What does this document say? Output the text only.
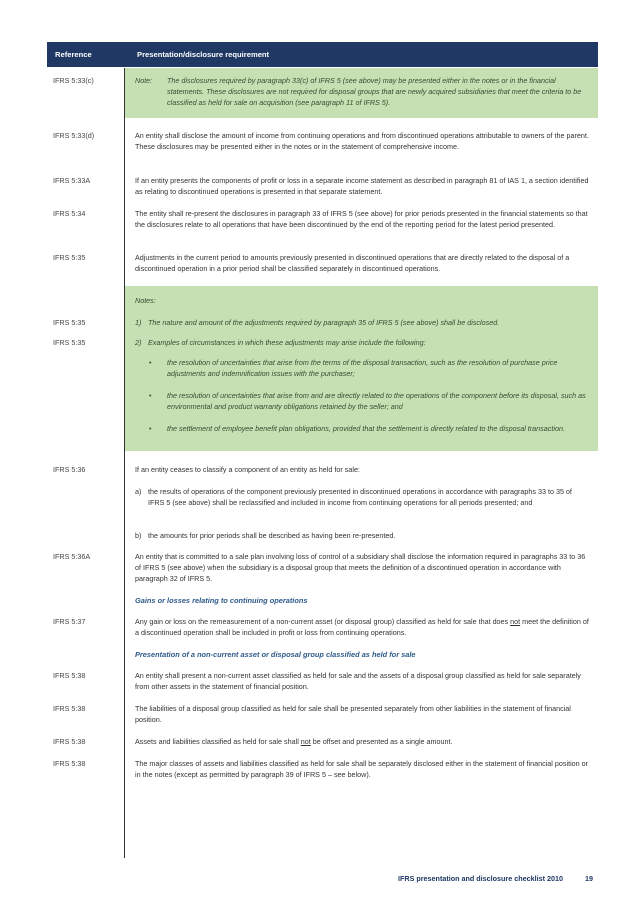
Reference	Presentation/disclosure requirement
IFRS 5:33(c)	Note: The disclosures required by paragraph 33(c) of IFRS 5 (see above) may be presented either in the notes or in the financial statements. These disclosures are not required for disposal groups that are newly acquired subsidiaries that meet the criteria to be classified as held for sale on acquisition (see paragraph 11 of IFRS 5).
IFRS 5:33(d)	An entity shall disclose the amount of income from continuing operations and from discontinued operations attributable to owners of the parent. These disclosures may be presented either in the notes or in the statement of comprehensive income.
IFRS 5:33A	If an entity presents the components of profit or loss in a separate income statement as described in paragraph 81 of IAS 1, a section identified as relating to discontinued operations is presented in that separate statement.
IFRS 5:34	The entity shall re-present the disclosures in paragraph 33 of IFRS 5 (see above) for prior periods presented in the financial statements so that the disclosures relate to all operations that have been discontinued by the end of the reporting period for the latest period presented.
IFRS 5:35	Adjustments in the current period to amounts previously presented in discontinued operations that are directly related to the disposal of a discontinued operation in a prior period shall be classified separately in discontinued operations.
Notes:
IFRS 5:35	1) The nature and amount of the adjustments required by paragraph 35 of IFRS 5 (see above) shall be disclosed.
IFRS 5:35	2) Examples of circumstances in which these adjustments may arise include the following:
• the resolution of uncertainties that arise from the terms of the disposal transaction, such as the resolution of purchase price adjustments and indemnification issues with the purchaser;
• the resolution of uncertainties that arise from and are directly related to the operations of the component before its disposal, such as environmental and product warranty obligations retained by the seller; and
• the settlement of employee benefit plan obligations, provided that the settlement is directly related to the disposal transaction.
IFRS 5:36	If an entity ceases to classify a component of an entity as held for sale:
a) the results of operations of the component previously presented in discontinued operations in accordance with paragraphs 33 to 35 of IFRS 5 (see above) shall be reclassified and included in income from continuing operations for all periods presented; and
b) the amounts for prior periods shall be described as having been re-presented.
IFRS 5:36A	An entity that is committed to a sale plan involving loss of control of a subsidiary shall disclose the information required in paragraphs 33 to 36 of IFRS 5 (see above) when the subsidiary is a disposal group that meets the definition of a discontinued operation in accordance with paragraph 32 of IFRS 5.
Gains or losses relating to continuing operations
IFRS 5:37	Any gain or loss on the remeasurement of a non-current asset (or disposal group) classified as held for sale that does not meet the definition of a discontinued operation shall be included in profit or loss from continuing operations.
Presentation of a non-current asset or disposal group classified as held for sale
IFRS 5:38	An entity shall present a non-current asset classified as held for sale and the assets of a disposal group classified as held for sale separately from other assets in the statement of financial position.
IFRS 5:38	The liabilities of a disposal group classified as held for sale shall be presented separately from other liabilities in the statement of financial position.
IFRS 5:38	Assets and liabilities classified as held for sale shall not be offset and presented as a single amount.
IFRS 5:38	The major classes of assets and liabilities classified as held for sale shall be separately disclosed either in the statement of financial position or in the notes (except as permitted by paragraph 39 of IFRS 5 – see below).
IFRS presentation and disclosure checklist 2010	19
